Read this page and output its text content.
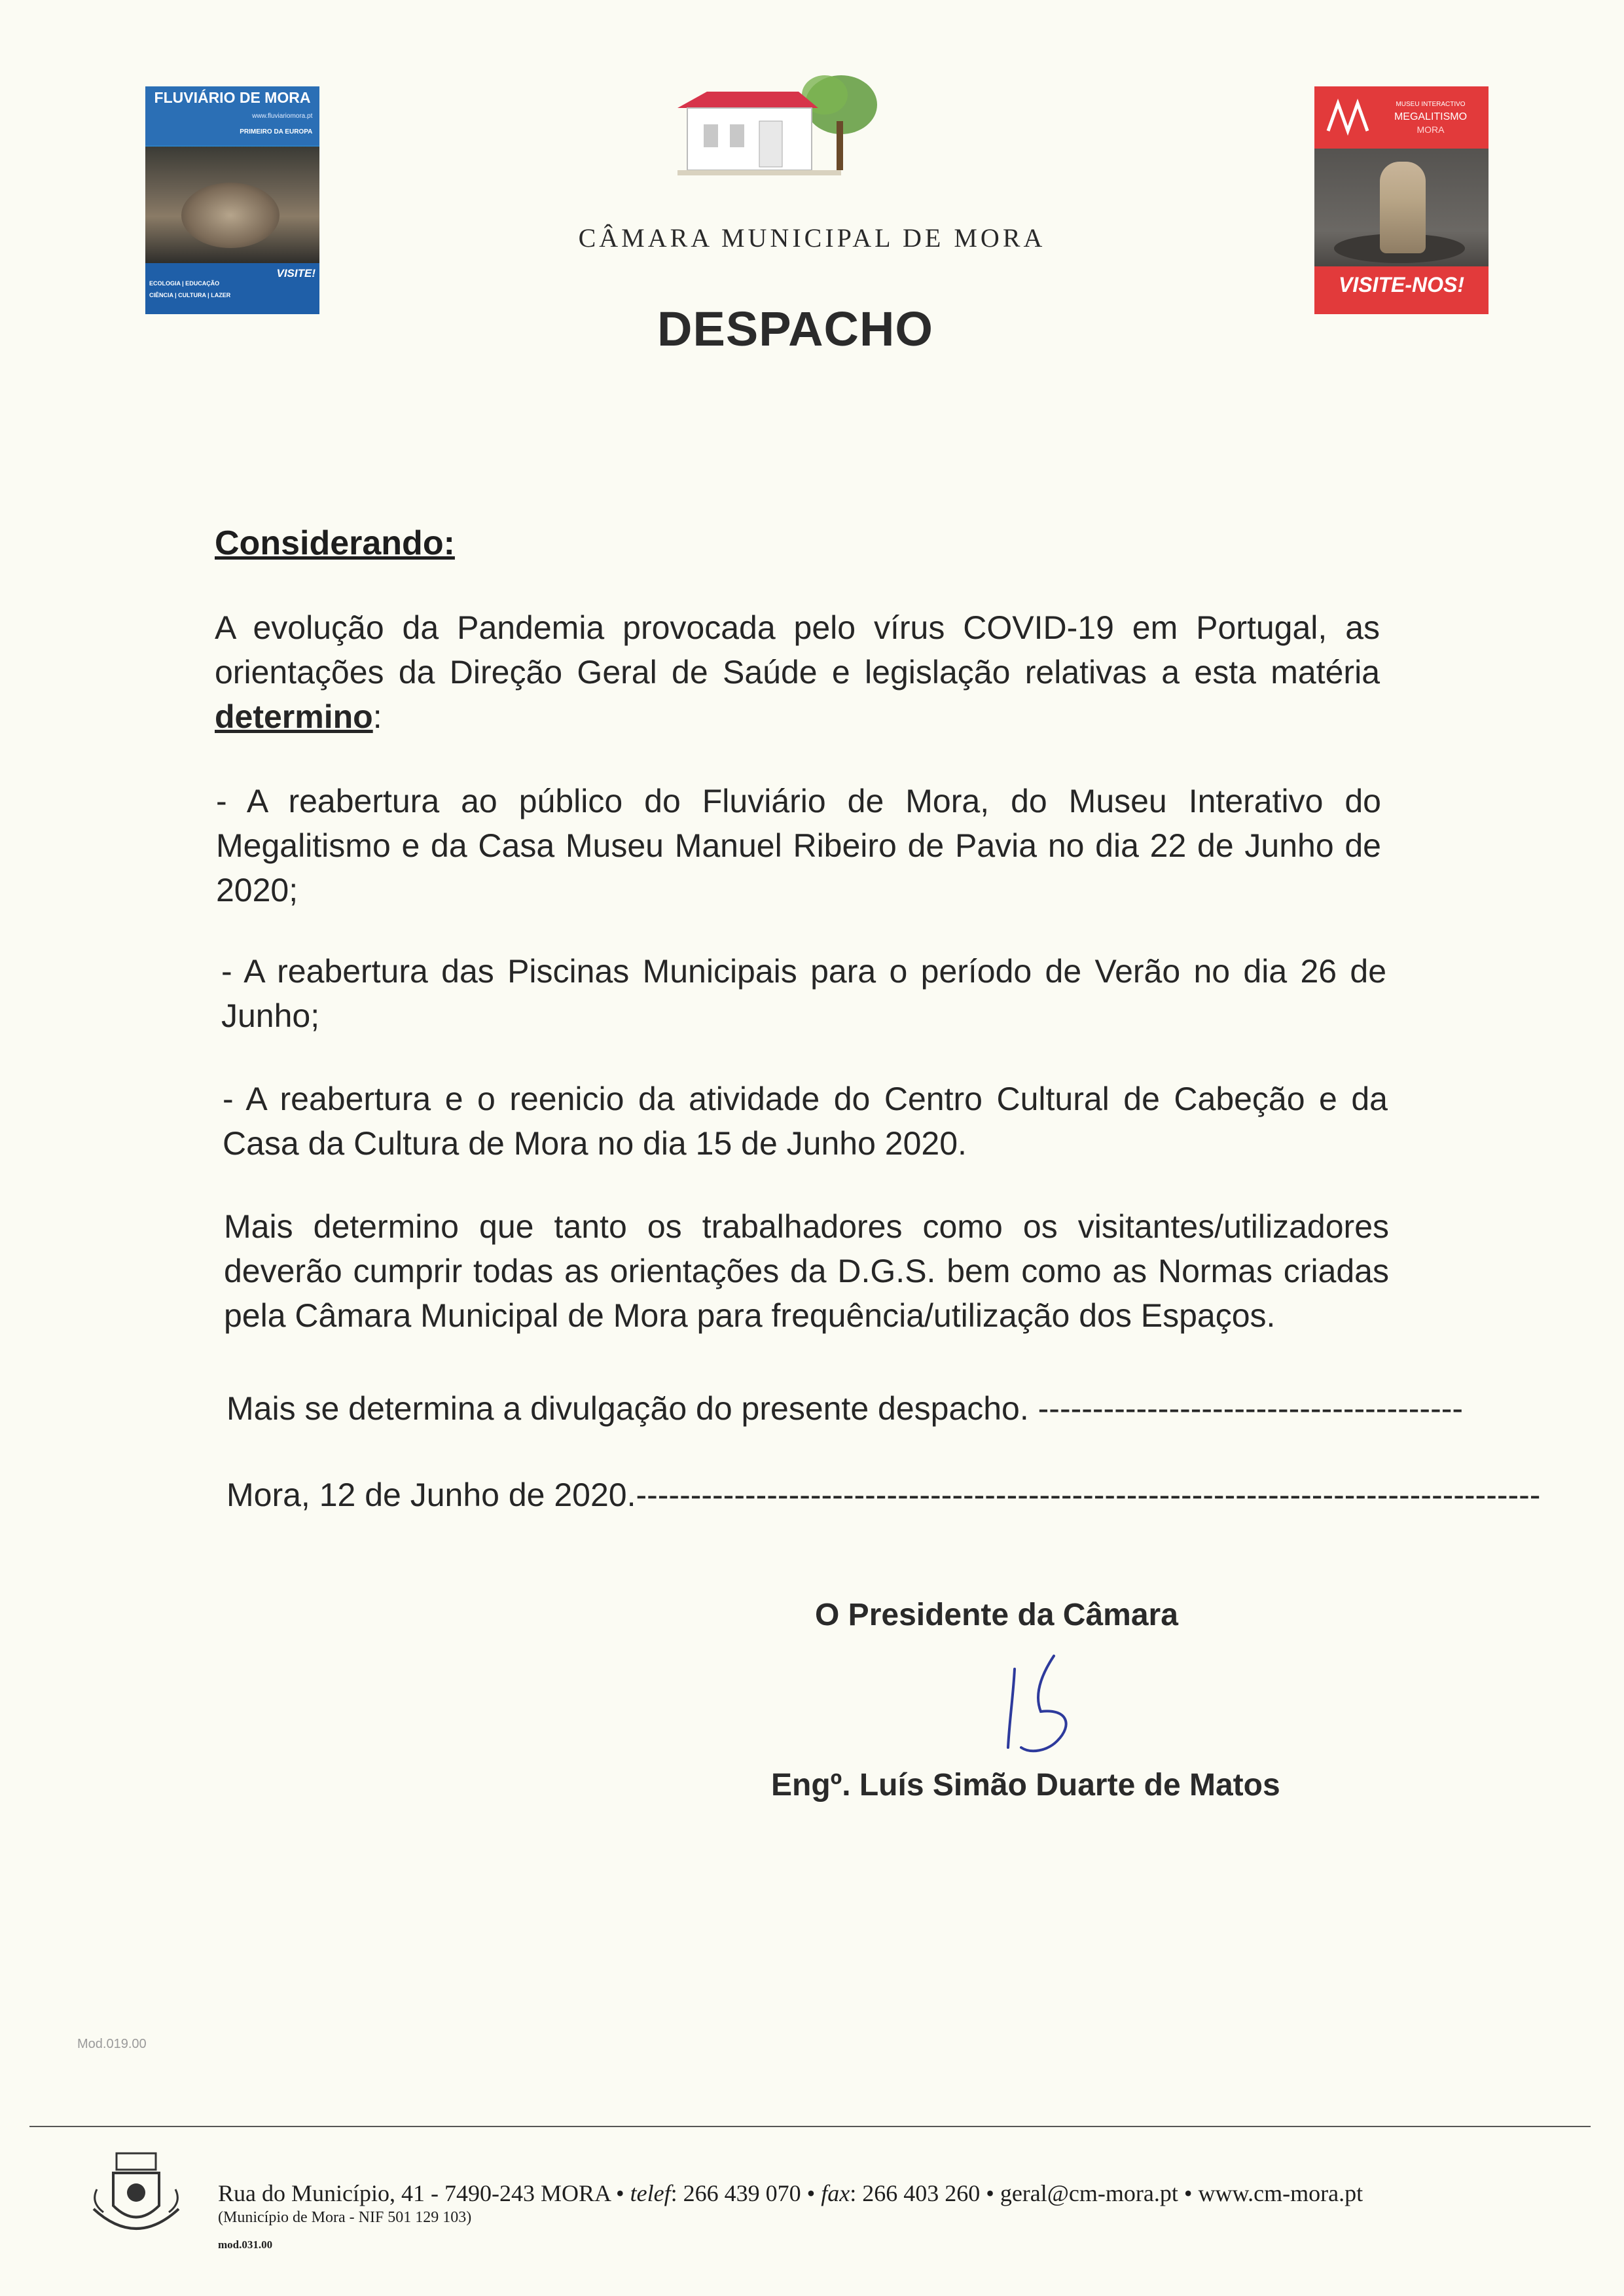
FLUVIÁRIO DE MORA
www.fluviariomora.pt
PRIMEIRO DA EUROPA
VISITE!
ECOLOGIA | EDUCAÇÃO
CIÊNCIA | CULTURA | LAZER
CÂMARA MUNICIPAL DE MORA
DESPACHO
MUSEU INTERACTIVO
MEGALITISMO
MORA
VISITE-NOS!
Considerando:
A evolução da Pandemia provocada pelo vírus COVID-19 em Portugal, as orientações da Direção Geral de Saúde e legislação relativas a esta matéria determino:
- A reabertura ao público do Fluviário de Mora, do Museu Interativo do Megalitismo e da Casa Museu Manuel Ribeiro de Pavia no dia 22 de Junho de 2020;
- A reabertura das Piscinas Municipais para o período de Verão no dia 26 de Junho;
- A reabertura e o reenicio da atividade do Centro Cultural de Cabeção e da Casa da Cultura de Mora no dia 15 de Junho 2020.
Mais determino que tanto os trabalhadores como os visitantes/utilizadores deverão cumprir todas as orientações da D.G.S. bem como as Normas criadas pela Câmara Municipal de Mora para frequência/utilização dos Espaços.
Mais se determina a divulgação do presente despacho. ---------------------------------------
Mora, 12 de Junho de 2020.-----------------------------------------------------------------------------------
O Presidente da Câmara
Engº. Luís Simão Duarte de Matos
Mod.019.00
Rua do Município, 41 - 7490-243 MORA • telef: 266 439 070 • fax: 266 403 260 • geral@cm-mora.pt • www.cm-mora.pt
(Município de Mora - NIF 501 129 103)
mod.031.00
